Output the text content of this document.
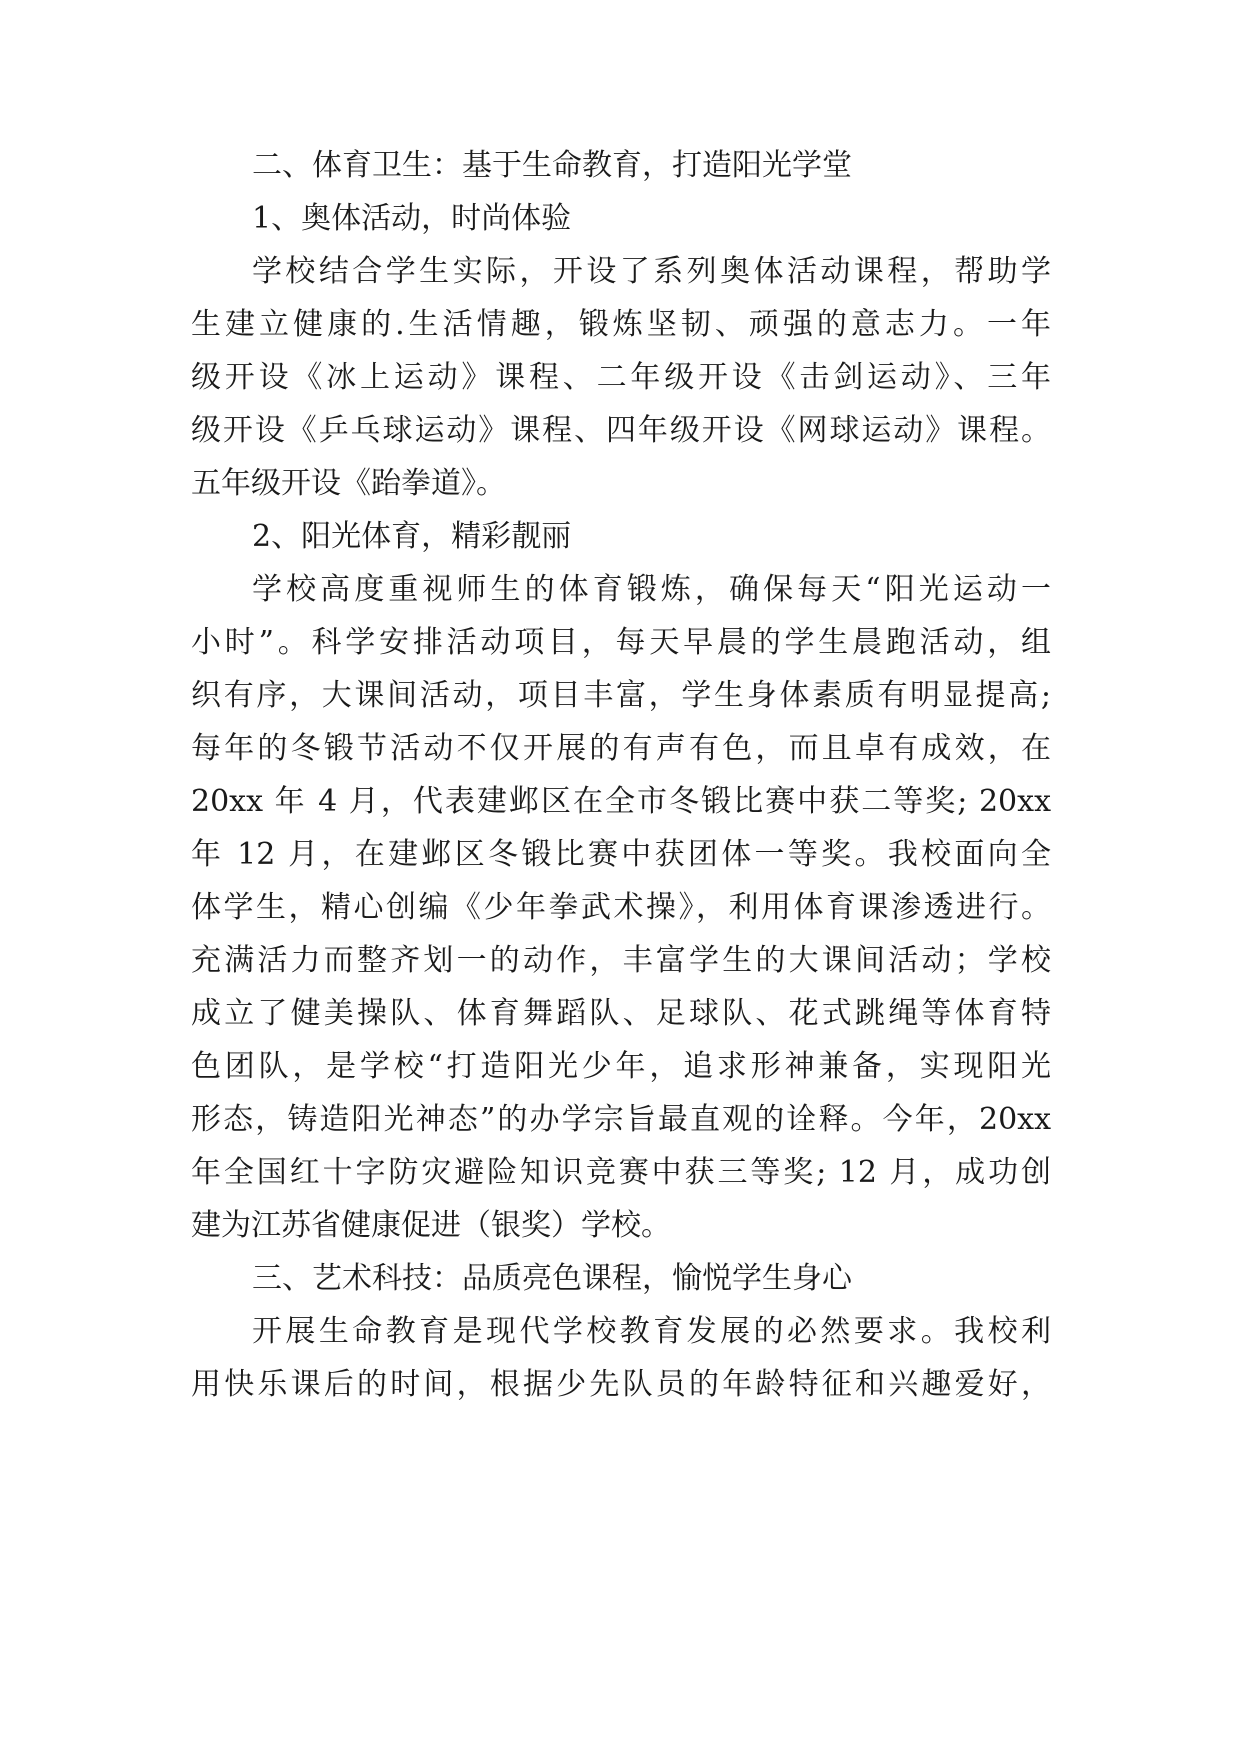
二、体育卫生：基于生命教育，打造阳光学堂
1、奥体活动，时尚体验
学校结合学生实际，开设了系列奥体活动课程，帮助学
生建立健康的.生活情趣，锻炼坚韧、顽强的意志力。一年
级开设《冰上运动》课程、二年级开设《击剑运动》、三年
级开设《乒乓球运动》课程、四年级开设《网球运动》课程。
五年级开设《跆拳道》。
2、阳光体育，精彩靓丽
学校高度重视师生的体育锻炼，确保每天“阳光运动一
小时”。科学安排活动项目，每天早晨的学生晨跑活动，组
织有序，大课间活动，项目丰富，学生身体素质有明显提高;
每年的冬锻节活动不仅开展的有声有色，而且卓有成效，在
20xx 年 4 月，代表建邺区在全市冬锻比赛中获二等奖; 20xx
年 12 月，在建邺区冬锻比赛中获团体一等奖。我校面向全
体学生，精心创编《少年拳武术操》，利用体育课渗透进行。
充满活力而整齐划一的动作，丰富学生的大课间活动；学校
成立了健美操队、体育舞蹈队、足球队、花式跳绳等体育特
色团队，是学校“打造阳光少年，追求形神兼备，实现阳光
形态，铸造阳光神态”的办学宗旨最直观的诠释。今年，20xx
年全国红十字防灾避险知识竞赛中获三等奖; 12 月，成功创
建为江苏省健康促进（银奖）学校。
三、艺术科技：品质亮色课程，愉悦学生身心
开展生命教育是现代学校教育发展的必然要求。我校利
用快乐课后的时间，根据少先队员的年龄特征和兴趣爱好，
